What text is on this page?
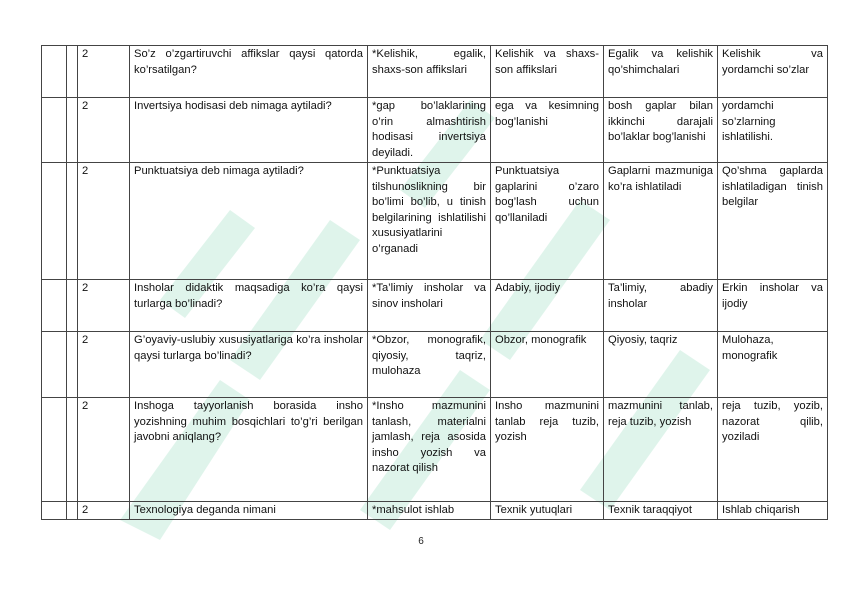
		2	So’z o’zgartiruvchi affikslar qaysi qatorda ko’rsatilgan?	*Kelishik, egalik, shaxs-son affikslari	Kelishik va shaxs-son affikslari	Egalik va kelishik qo’shimchalari	Kelishik va yordamchi so’zlar
		2	Invertsiya hodisasi deb nimaga aytiladi?	*gap bo’laklarining o’rin almashtirish hodisasi invertsiya deyiladi.	ega va kesimning bog’lanishi	bosh gaplar bilan ikkinchi darajali bo’laklar bog’lanishi	yordamchi so’zlarning ishlatilishi.
		2	Punktuatsiya deb nimaga aytiladi?	*Punktuatsiya tilshunoslikning bir bo’limi bo’lib, u tinish belgilarining ishlatilishi xususiyatlarini o’rganadi	Punktuatsiya gaplarini o’zaro bog’lash uchun qo’llaniladi	Gaplarni mazmuniga ko’ra ishlatiladi	Qo’shma gaplarda ishlatiladigan tinish belgilar
		2	Insholar didaktik maqsadiga ko’ra qaysi turlarga bo’linadi?	*Ta’limiy insholar va sinov insholari	Adabiy, ijodiy	Ta’limiy, abadiy insholar	Erkin insholar va ijodiy
		2	G’oyaviy-uslubiy xususiyatlariga ko’ra insholar qaysi turlarga bo’linadi?	*Obzor, monografik, qiyosiy, taqriz, mulohaza	Obzor, monografik	Qiyosiy, taqriz	Mulohaza, monografik
		2	Inshoga tayyorlanish borasida insho yozishning muhim bosqichlari to’g’ri berilgan javobni aniqlang?	*Insho mazmunini tanlash, materialni jamlash, reja asosida insho yozish va nazorat qilish	Insho mazmunini tanlab reja tuzib, yozish	mazmunini tanlab, reja tuzib, yozish	reja tuzib, yozib, nazorat qilib, yoziladi
		2	Texnologiya deganda nimani	*mahsulot ishlab	Texnik yutuqlari	Texnik taraqqiyot	Ishlab chiqarish
6
